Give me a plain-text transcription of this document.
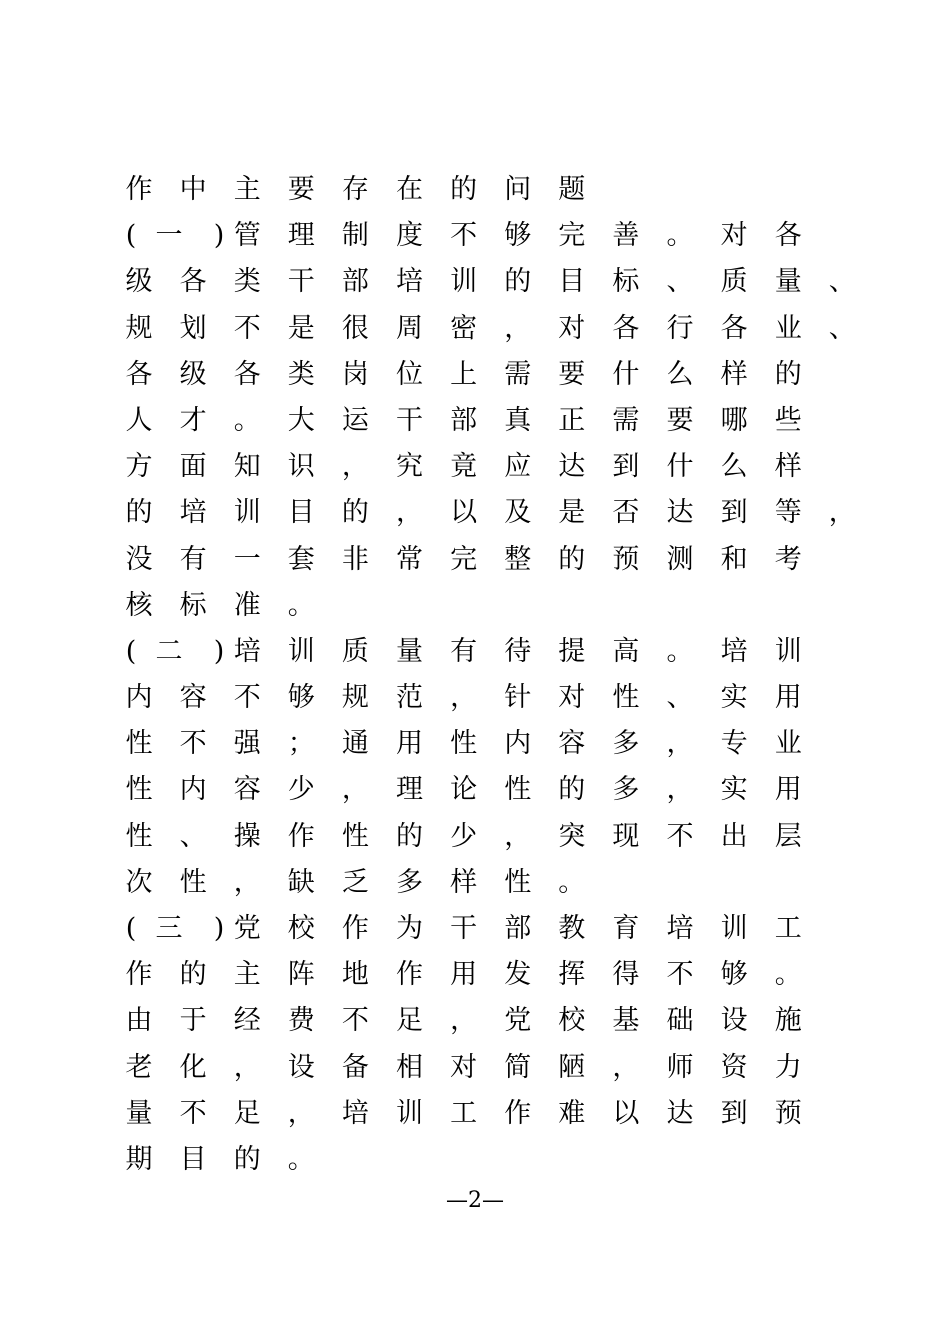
作 中 主 要 存 在 的 问 题
( 一	) 管 理 制 度 不 够 完 善 。 对 各
级 各 类 干 部 培 训 的 目 标 、 质 量 、
规 划 不 是 很 周 密 ， 对 各 行 各 业 、
各 级 各 类 岗 位 上 需 要 什 么 样 的
人 才 。 大 运 干 部 真 正 需 要 哪 些
方 面 知 识 ， 究 竟 应 达 到 什 么 样
的 培 训 目 的 ， 以 及 是 否 达 到 等 ，
没 有 一 套 非 常 完 整 的 预 测 和 考
核 标 准 。
( 二	) 培 训 质 量 有 待 提 高 。 培 训
内 容 不 够 规 范 ， 针 对 性 、 实 用
性 不 强 ； 通 用 性 内 容 多 ， 专 业
性 内 容 少 ， 理 论 性 的 多 ， 实 用
性 、 操 作 性 的 少 ， 突 现 不 出 层
次 性 ， 缺 乏 多 样 性 。
( 三	) 党 校 作 为 干 部 教 育 培 训 工
作 的 主 阵 地 作 用 发 挥 得 不 够 。
由 于 经 费 不 足 ， 党 校 基 础 设 施
老 化 ， 设 备 相 对 简 陋 ， 师 资 力
量 不 足 ， 培 训 工 作 难 以 达 到 预
期 目 的 。
—2—
